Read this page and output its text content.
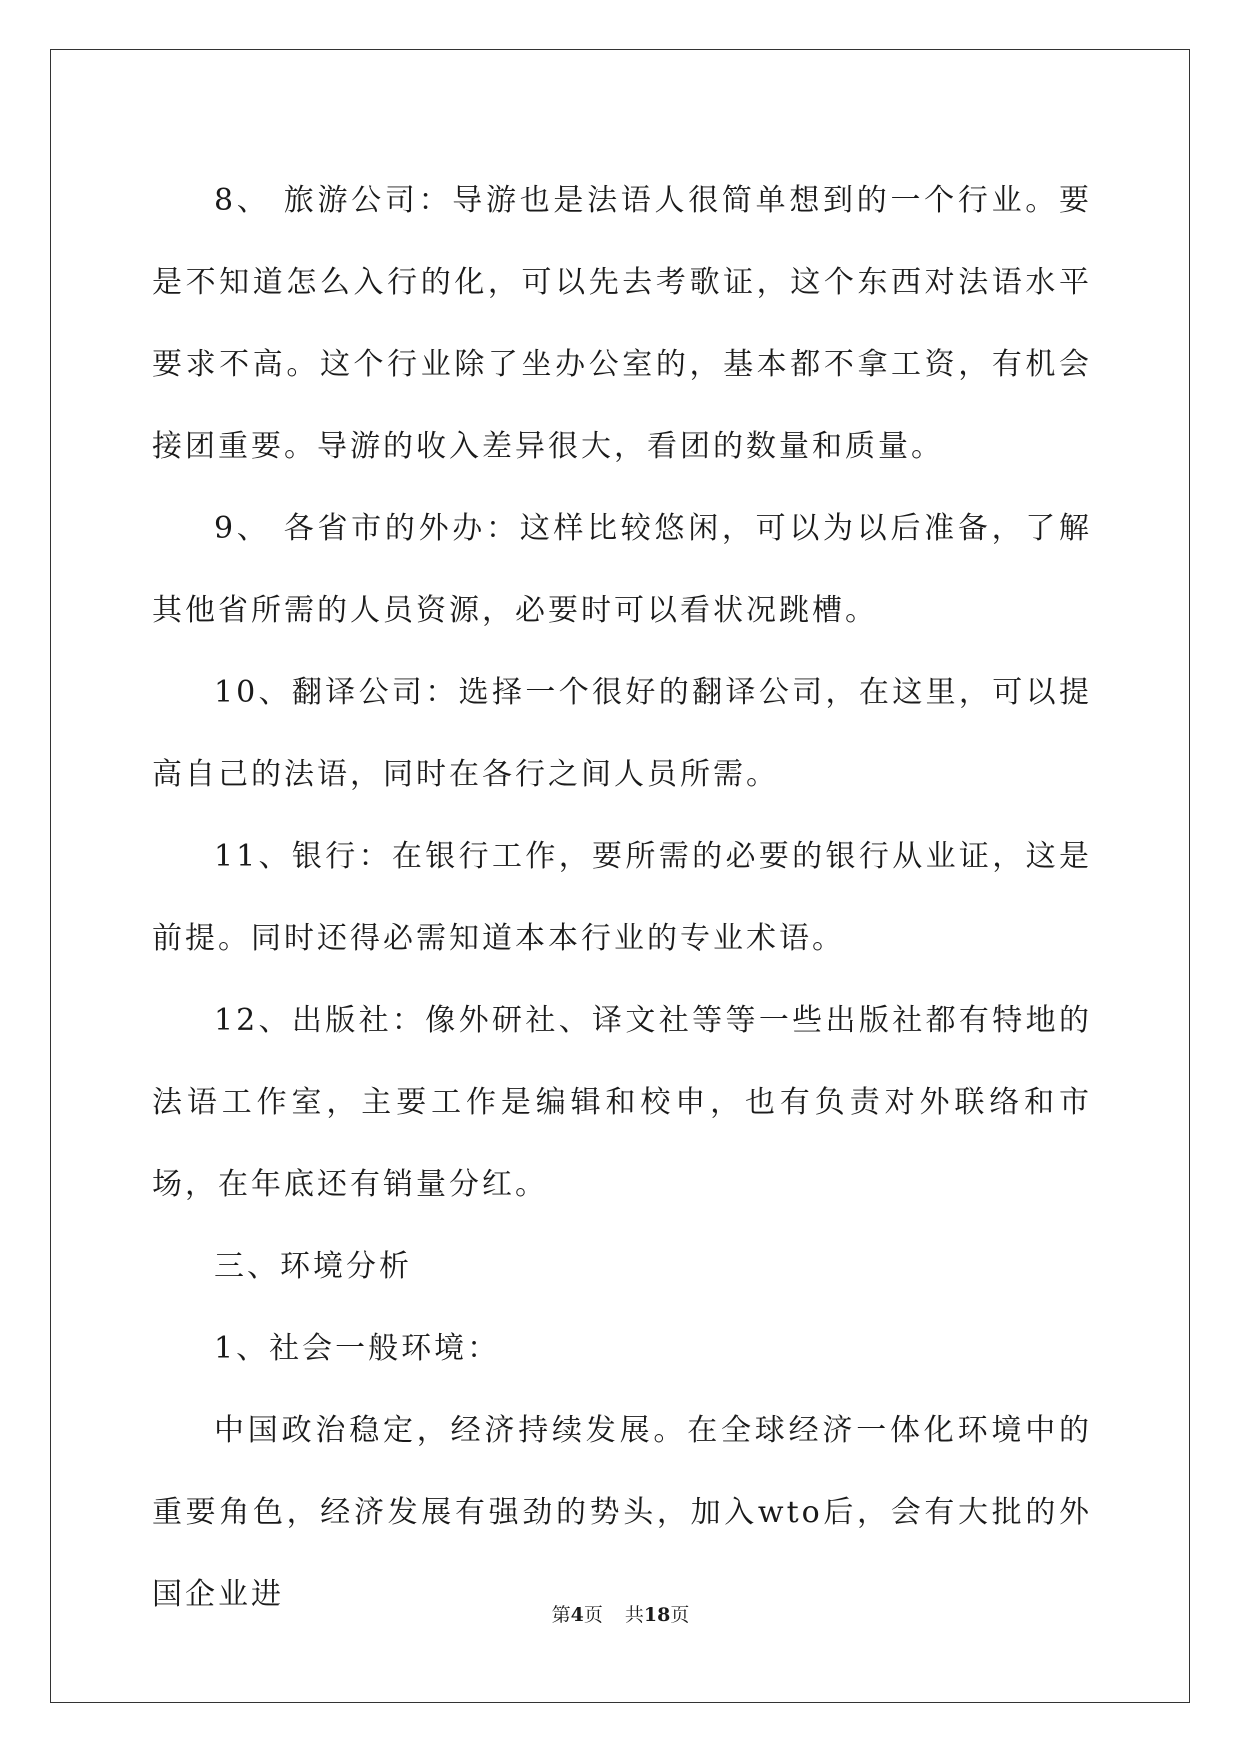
8、 旅游公司：导游也是法语人很简单想到的一个行业。要是不知道怎么入行的化，可以先去考歌证，这个东西对法语水平要求不高。这个行业除了坐办公室的，基本都不拿工资，有机会接团重要。导游的收入差异很大，看团的数量和质量。

9、 各省市的外办：这样比较悠闲，可以为以后准备，了解其他省所需的人员资源，必要时可以看状况跳槽。

10、翻译公司：选择一个很好的翻译公司，在这里，可以提高自己的法语，同时在各行之间人员所需。

11、银行：在银行工作，要所需的必要的银行从业证，这是前提。同时还得必需知道本本行业的专业术语。

12、出版社：像外研社、译文社等等一些出版社都有特地的法语工作室，主要工作是编辑和校申，也有负责对外联络和市场，在年底还有销量分红。

三、环境分析

1、社会一般环境：

中国政治稳定，经济持续发展。在全球经济一体化环境中的重要角色，经济发展有强劲的势头，加入wto后，会有大批的外国企业进

第4页 共18页
